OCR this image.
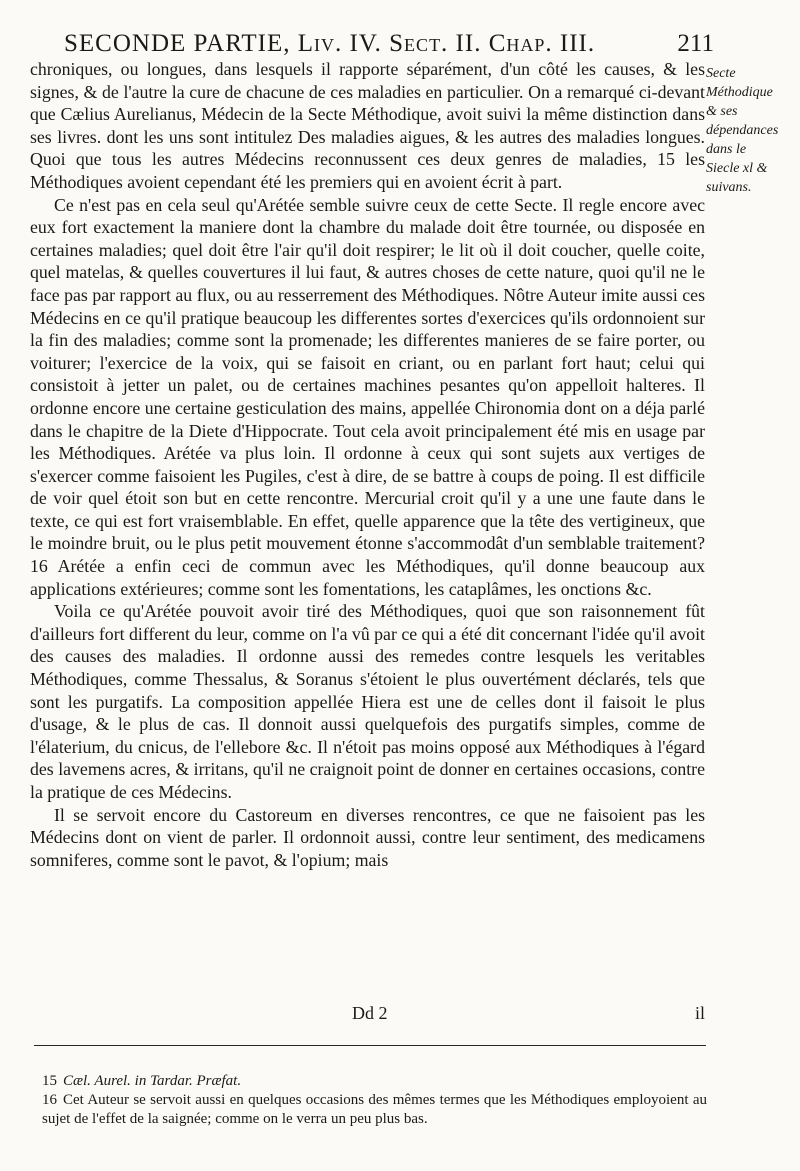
SECONDE PARTIE, Liv. IV. Sect. II. Chap. III.	211
Secte Méthodique & ses dépendances dans le Siecle xl & suivans.

chroniques, ou longues, dans lesquels il rapporte séparément, d'un côté les causes, & les signes, & de l'autre la cure de chacune de ces maladies en particulier. On a remarqué ci-devant que Cælius Aurelianus, Médecin de la Secte Méthodique, avoit suivi la même distinction dans ses livres. dont les uns sont intitulez Des maladies aigues, & les autres des maladies longues. Quoi que tous les autres Médecins reconnussent ces deux genres de maladies, 15 les Méthodiques avoient cependant été les premiers qui en avoient écrit à part.

Ce n'est pas en cela seul qu'Arétée semble suivre ceux de cette Secte. Il regle encore avec eux fort exactement la maniere dont la chambre du malade doit être tournée, ou disposée en certaines maladies; quel doit être l'air qu'il doit respirer; le lit où il doit coucher, quelle coite, quel matelas, & quelles couvertures il lui faut, & autres choses de cette nature, quoi qu'il ne le face pas par rapport au flux, ou au resserrement des Méthodiques. Nôtre Auteur imite aussi ces Médecins en ce qu'il pratique beaucoup les differentes sortes d'exercices qu'ils ordonnoient sur la fin des maladies; comme sont la promenade; les differentes manieres de se faire porter, ou voiturer; l'exercice de la voix, qui se faisoit en criant, ou en parlant fort haut; celui qui consistoit à jetter un palet, ou de certaines machines pesantes qu'on appelloit halteres. Il ordonne encore une certaine gesticulation des mains, appellée Chironomia dont on a déja parlé dans le chapitre de la Diete d'Hippocrate. Tout cela avoit principalement été mis en usage par les Méthodiques. Arétée va plus loin. Il ordonne à ceux qui sont sujets aux vertiges de s'exercer comme faisoient les Pugiles, c'est à dire, de se battre à coups de poing. Il est difficile de voir quel étoit son but en cette rencontre. Mercurial croit qu'il y a une une faute dans le texte, ce qui est fort vraisemblable. En effet, quelle apparence que la tête des vertigineux, que le moindre bruit, ou le plus petit mouvement étonne s'accommodât d'un semblable traitement? 16 Arétée a enfin ceci de commun avec les Méthodiques, qu'il donne beaucoup aux applications extérieures; comme sont les fomentations, les cataplâmes, les onctions &c.

Voila ce qu'Arétée pouvoit avoir tiré des Méthodiques, quoi que son raisonnement fût d'ailleurs fort different du leur, comme on l'a vû par ce qui a été dit concernant l'idée qu'il avoit des causes des maladies. Il ordonne aussi des remedes contre lesquels les veritables Méthodiques, comme Thessalus, & Soranus s'étoient le plus ouvertément déclarés, tels que sont les purgatifs. La composition appellée Hiera est une de celles dont il faisoit le plus d'usage, & le plus de cas. Il donnoit aussi quelquefois des purgatifs simples, comme de l'élaterium, du cnicus, de l'ellebore &c. Il n'étoit pas moins opposé aux Méthodiques à l'égard des lavemens acres, & irritans, qu'il ne craignoit point de donner en certaines occasions, contre la pratique de ces Médecins.

Il se servoit encore du Castoreum en diverses rencontres, ce que ne faisoient pas les Médecins dont on vient de parler. Il ordonnoit aussi, contre leur sentiment, des medicamens somniferes, comme sont le pavot, & l'opium; mais

Dd 2	il

15 Cæl. Aurel. in Tardar. Præfat.

16 Cet Auteur se servoit aussi en quelques occasions des mêmes termes que les Méthodiques employoient au sujet de l'effet de la saignée; comme on le verra un peu plus bas.
